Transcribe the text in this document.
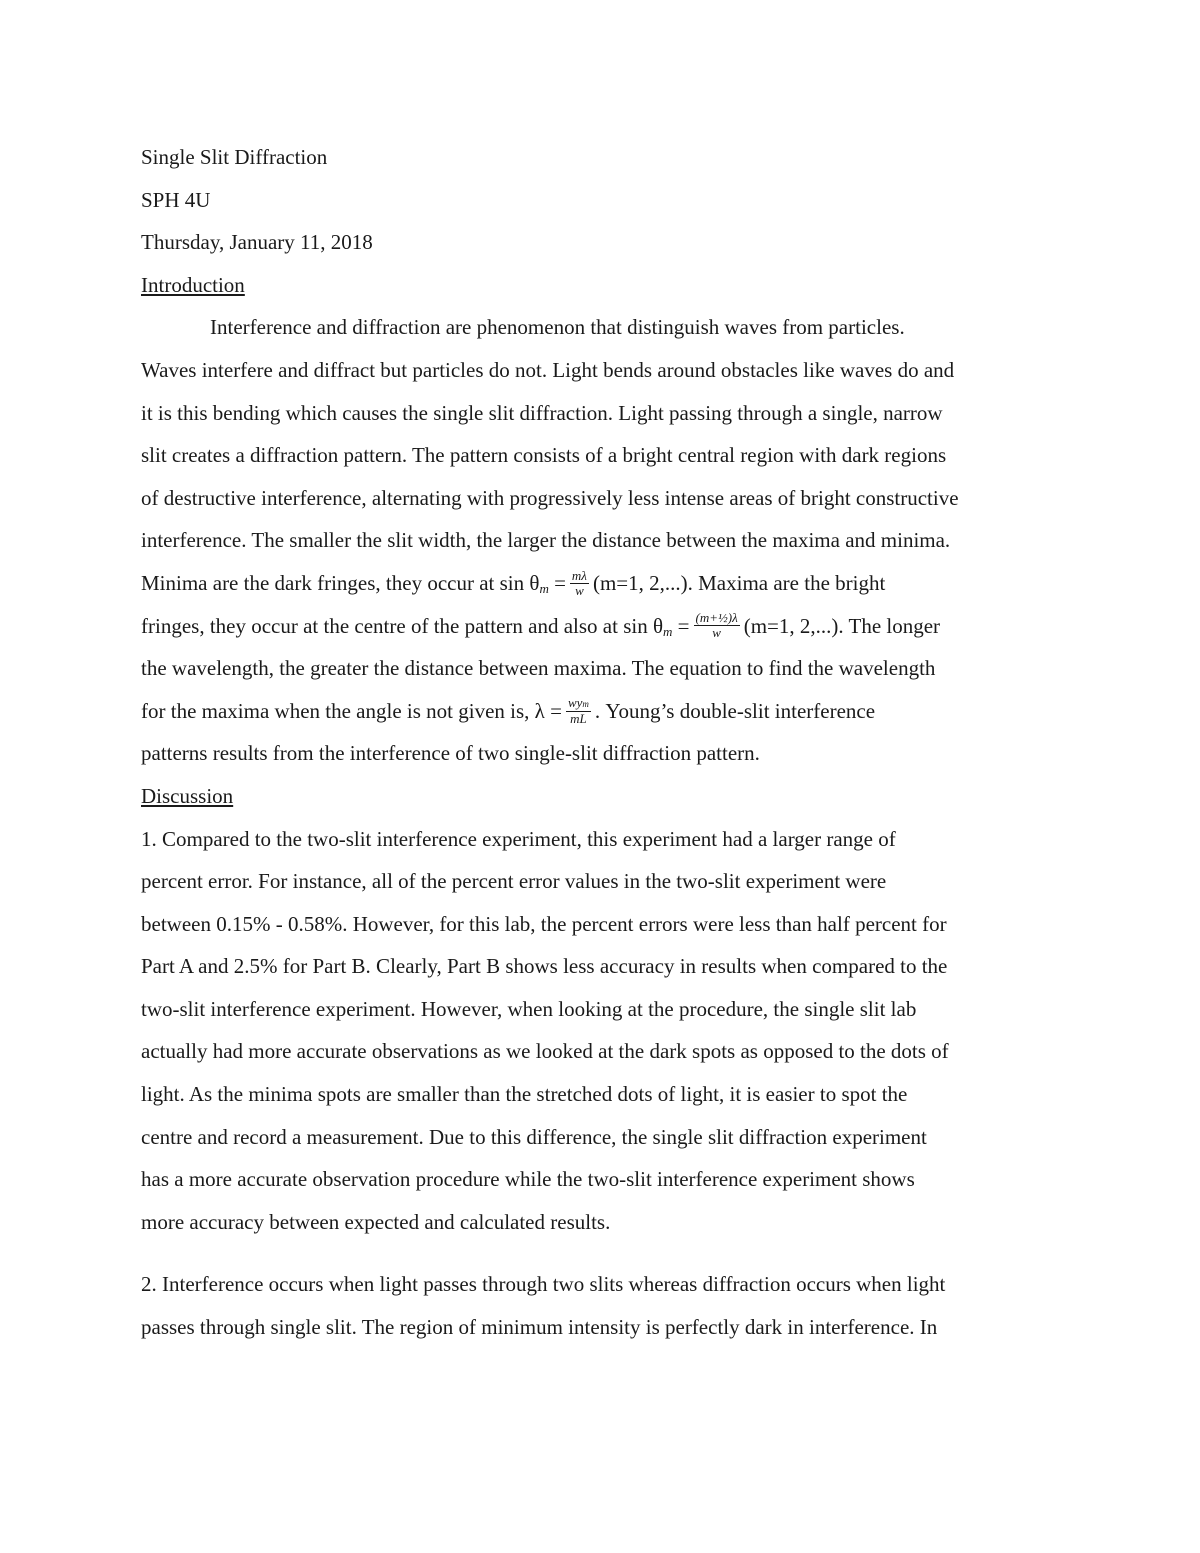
Single Slit Diffraction
SPH 4U
Thursday, January 11, 2018
Introduction
Interference and diffraction are phenomenon that distinguish waves from particles.
Waves interfere and diffract but particles do not. Light bends around obstacles like waves do and
it is this bending which causes the single slit diffraction. Light passing through a single, narrow
slit creates a diffraction pattern. The pattern consists of a bright central region with dark regions
of destructive interference, alternating with progressively less intense areas of bright constructive
interference. The smaller the slit width, the larger the distance between the maxima and minima.
Minima are the dark fringes, they occur at $\sin \theta_m = \frac{m\lambda}{w} (m=1$, 2,...). Maxima are the bright
fringes, they occur at the centre of the pattern and also at $\sin \theta_m = \frac{\text{(m+½)λ}}{w} (m=1$, 2,...). The longer
the wavelength, the greater the distance between maxima. The equation to find the wavelength
for the maxima when the angle is not given is, $\lambda = \frac{\text{wym}}{mL}$ . Young’s double-slit interference
patterns results from the interference of two single-slit diffraction pattern.
Discussion
1. Compared to the two-slit interference experiment, this experiment had a larger range of
percent error. For instance, all of the percent error values in the two-slit experiment were
between 0.15% - 0.58%. However, for this lab, the percent errors were less than half percent for
Part A and 2.5% for Part B. Clearly, Part B shows less accuracy in results when compared to the
two-slit interference experiment. However, when looking at the procedure, the single slit lab
actually had more accurate observations as we looked at the dark spots as opposed to the dots of
light. As the minima spots are smaller than the stretched dots of light, it is easier to spot the
centre and record a measurement. Due to this difference, the single slit diffraction experiment
has a more accurate observation procedure while the two-slit interference experiment shows
more accuracy between expected and calculated results.
2. Interference occurs when light passes through two slits whereas diffraction occurs when light
passes through single slit. The region of minimum intensity is perfectly dark in interference. In
